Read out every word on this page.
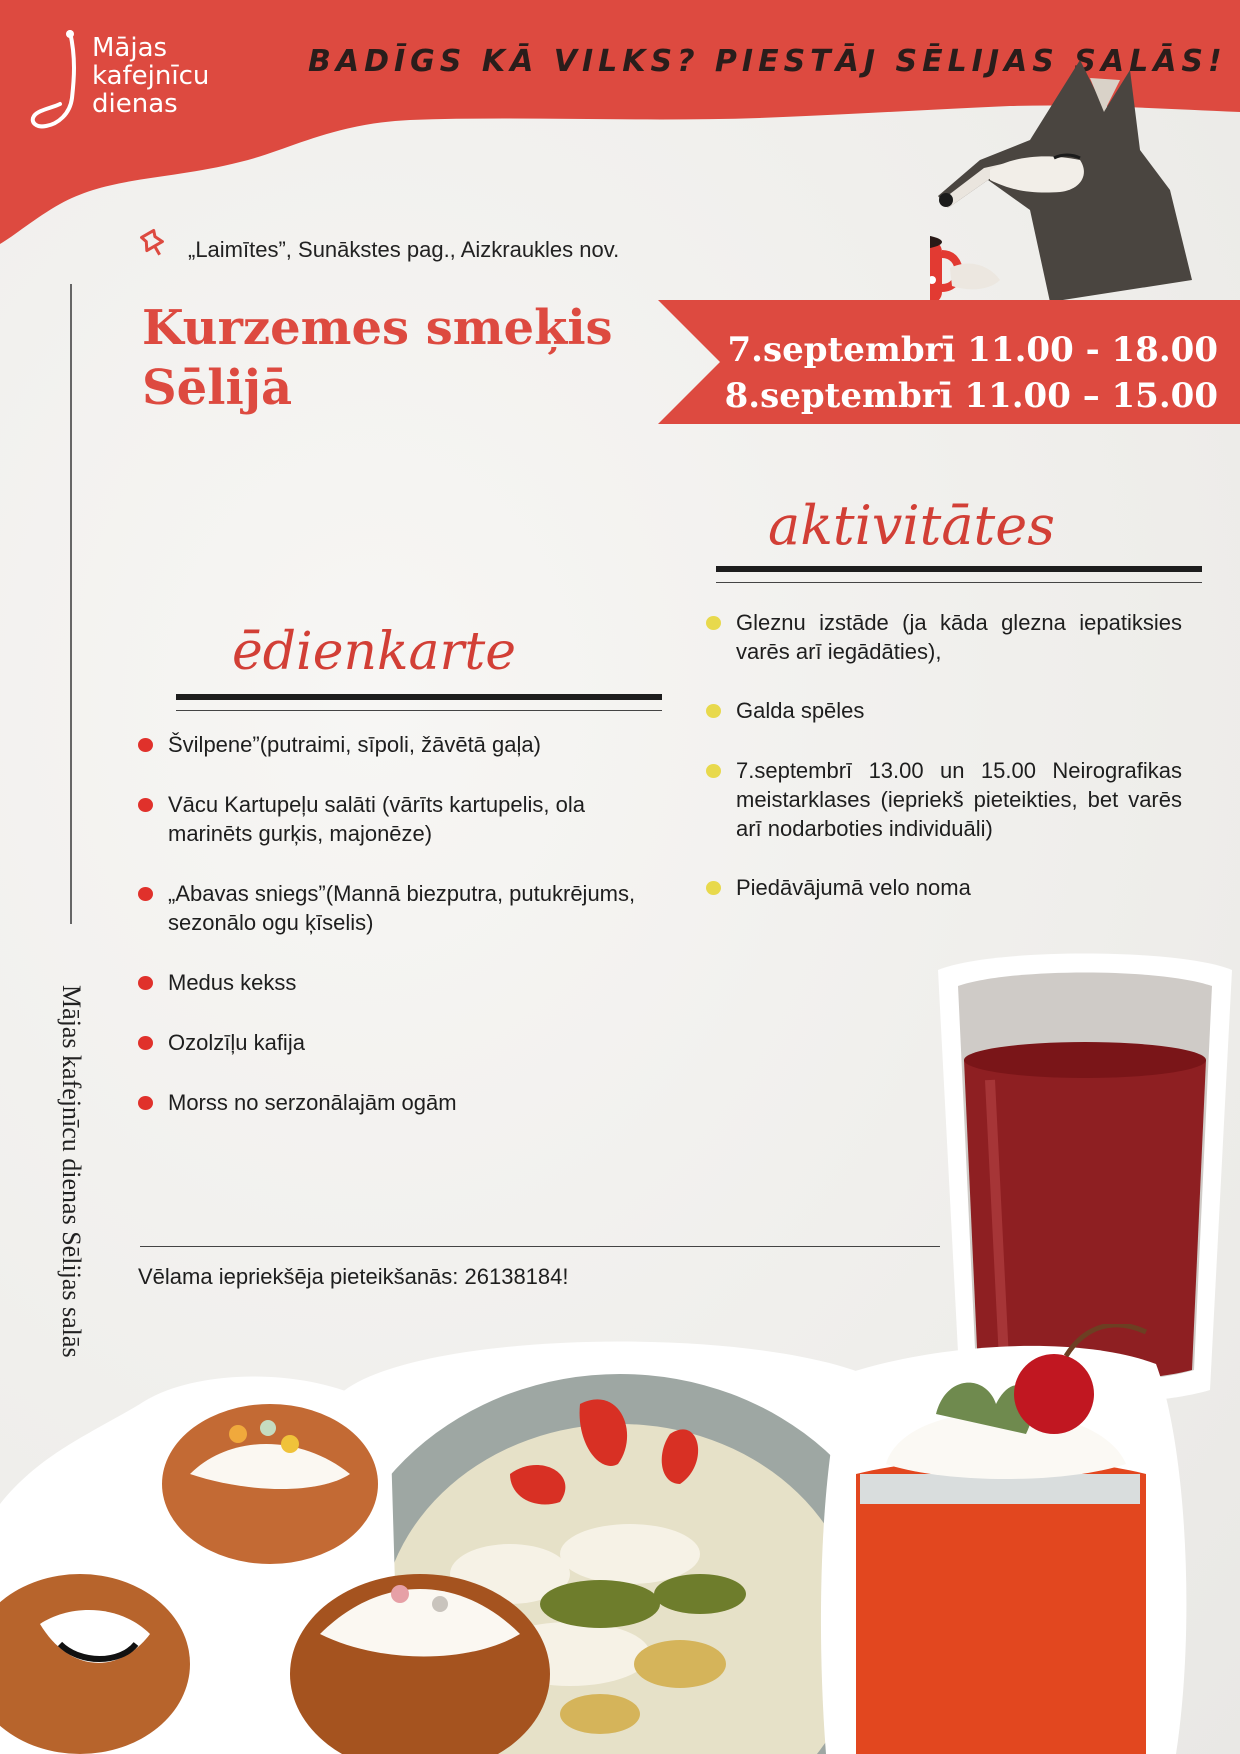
Mājas
kafejnīcu
dienas
BADĪGS KĀ VILKS? PIESTĀJ SĒLIJAS SALĀS!
„Laimītes”, Sunākstes pag., Aizkraukles nov.
Kurzemes smeķis
Sēlijā
7.septembrī 11.00 - 18.00
8.septembrī 11.00 – 15.00
Mājas kafejnīcu dienas Sēlijas salās
aktivitātes
Gleznu izstāde (ja kāda glezna iepatiksies varēs arī iegādāties),
Galda spēles
7.septembrī 13.00 un 15.00 Neirografikas meistarklases (iepriekš pieteikties, bet varēs arī nodarboties individuāli)
Piedāvājumā velo noma
ēdienkarte
Švilpene”(putraimi, sīpoli, žāvētā gaļa)
Vācu Kartupeļu salāti (vārīts kartupelis, ola marinēts gurķis, majonēze)
„Abavas sniegs”(Mannā biezputra, putukrējums, sezonālo ogu ķīselis)
Medus kekss
Ozolzīļu kafija
Morss no serzonālajām ogām
Vēlama iepriekšēja pieteikšanās: 26138184!
